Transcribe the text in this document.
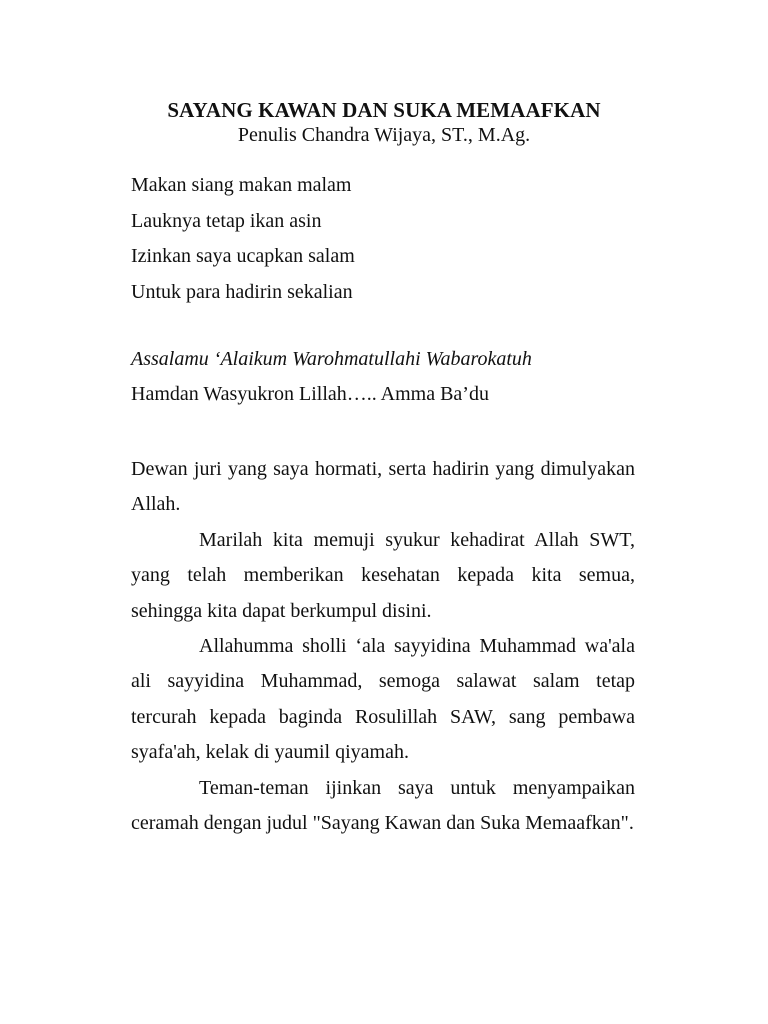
SAYANG KAWAN DAN SUKA MEMAAFKAN
Penulis Chandra Wijaya, ST., M.Ag.
Makan siang makan malam
Lauknya tetap ikan asin
Izinkan saya ucapkan salam
Untuk para hadirin sekalian
Assalamu ‘Alaikum Warohmatullahi Wabarokatuh
Hamdan Wasyukron Lillah….. Amma Ba’du

Dewan juri yang saya hormati, serta hadirin yang dimulyakan Allah.

Marilah kita memuji syukur kehadirat Allah SWT, yang telah memberikan kesehatan kepada kita semua, sehingga kita dapat berkumpul disini.

Allahumma sholli ‘ala sayyidina Muhammad wa'ala ali sayyidina Muhammad, semoga salawat salam tetap tercurah kepada baginda Rosulillah SAW, sang pembawa syafa'ah, kelak di yaumil qiyamah.

Teman-teman ijinkan saya untuk menyampaikan ceramah dengan judul "Sayang Kawan dan Suka Memaafkan".
